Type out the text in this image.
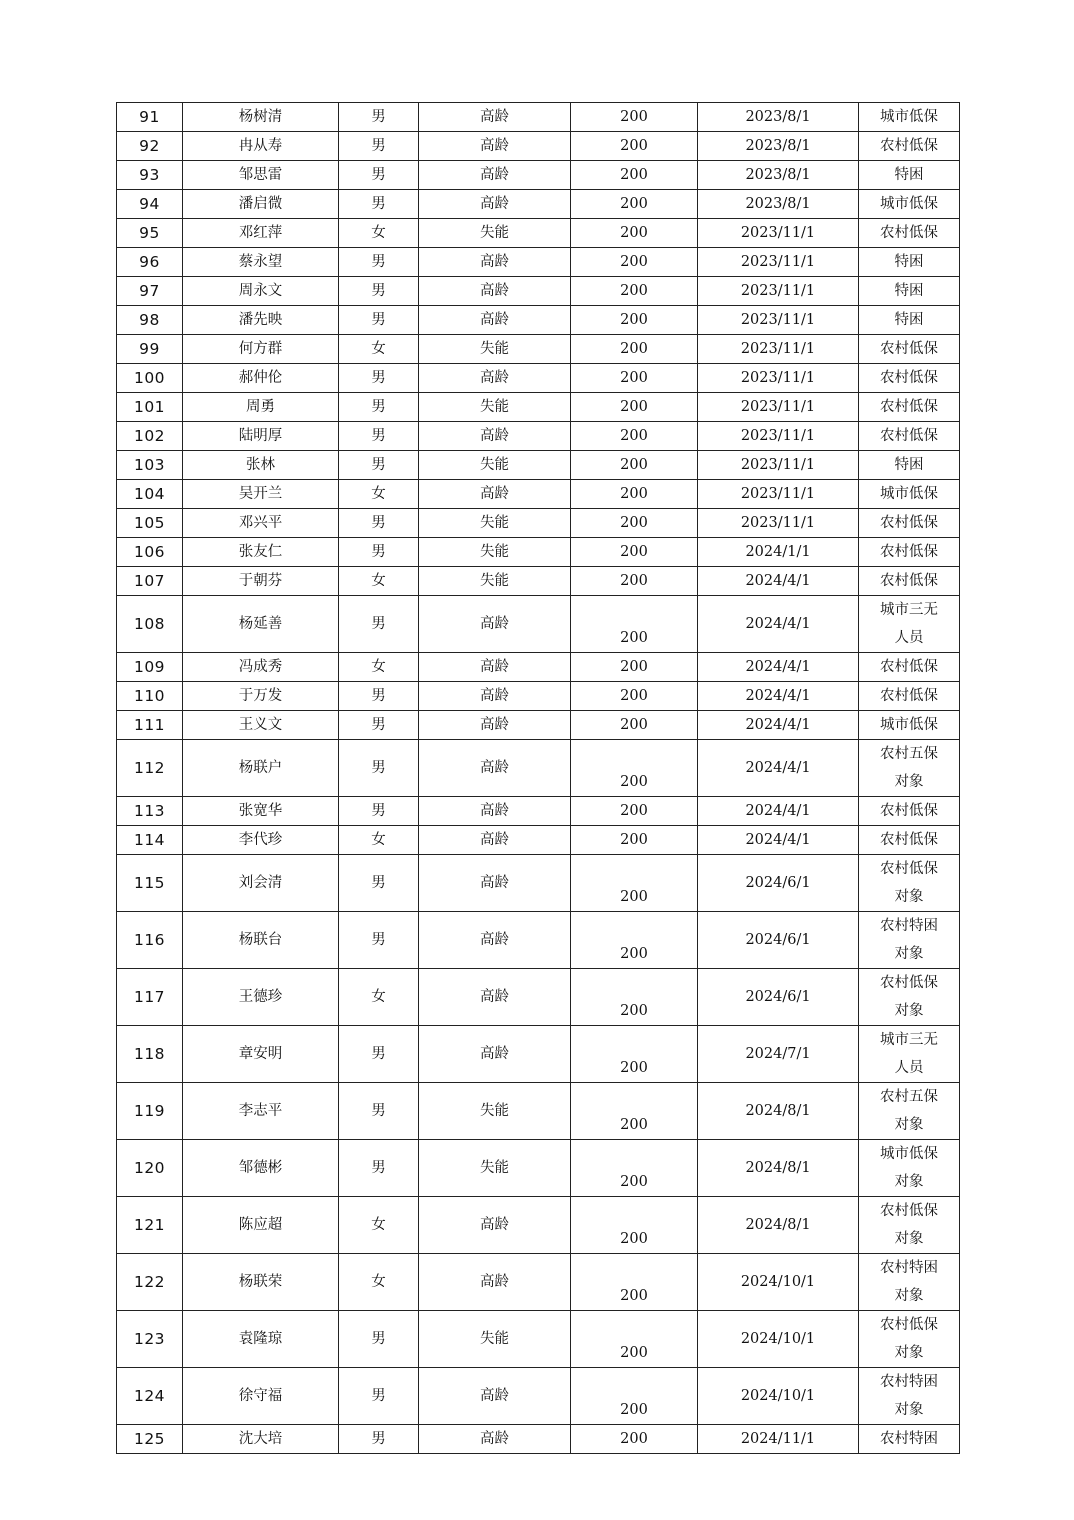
91	杨树清	男	高龄	200	2023/8/1	城市低保
92	冉从寿	男	高龄	200	2023/8/1	农村低保
93	邹思雷	男	高龄	200	2023/8/1	特困
94	潘启微	男	高龄	200	2023/8/1	城市低保
95	邓红萍	女	失能	200	2023/11/1	农村低保
96	蔡永望	男	高龄	200	2023/11/1	特困
97	周永文	男	高龄	200	2023/11/1	特困
98	潘先映	男	高龄	200	2023/11/1	特困
99	何方群	女	失能	200	2023/11/1	农村低保
100	郝仲伦	男	高龄	200	2023/11/1	农村低保
101	周勇	男	失能	200	2023/11/1	农村低保
102	陆明厚	男	高龄	200	2023/11/1	农村低保
103	张林	男	失能	200	2023/11/1	特困
104	吴开兰	女	高龄	200	2023/11/1	城市低保
105	邓兴平	男	失能	200	2023/11/1	农村低保
106	张友仁	男	失能	200	2024/1/1	农村低保
107	于朝芬	女	失能	200	2024/4/1	农村低保
108	杨延善	男	高龄	200	2024/4/1	城市三无
人员

109	冯成秀	女	高龄	200	2024/4/1	农村低保
110	于万发	男	高龄	200	2024/4/1	农村低保
111	王义文	男	高龄	200	2024/4/1	城市低保
112	杨联户	男	高龄	200	2024/4/1	农村五保
对象

113	张宽华	男	高龄	200	2024/4/1	农村低保
114	李代珍	女	高龄	200	2024/4/1	农村低保
115	刘会清	男	高龄	200	2024/6/1	农村低保
对象

116	杨联台	男	高龄	200	2024/6/1	农村特困
对象

117	王德珍	女	高龄	200	2024/6/1	农村低保
对象

118	章安明	男	高龄	200	2024/7/1	城市三无
人员

119	李志平	男	失能	200	2024/8/1	农村五保
对象

120	邹德彬	男	失能	200	2024/8/1	城市低保
对象

121	陈应超	女	高龄	200	2024/8/1	农村低保
对象

122	杨联荣	女	高龄	200	2024/10/1	农村特困
对象

123	袁隆琼	男	失能	200	2024/10/1	农村低保
对象

124	徐守福	男	高龄	200	2024/10/1	农村特困
对象

125	沈大培	男	高龄	200	2024/11/1	农村特困
